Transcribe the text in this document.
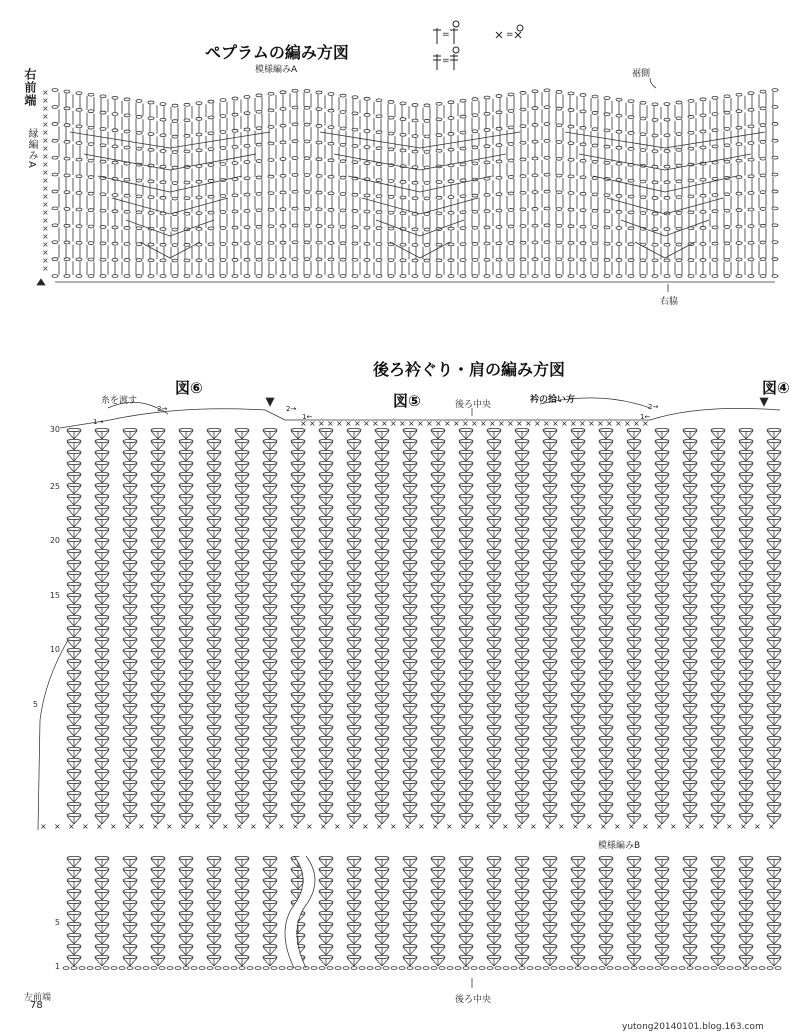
ペプラムの編み方図
模様編みA
=	=
=
裾側
右前端
縁編みA
右脇
×
×
×
×
×
×
×
×
×
×
×
×
×
×
×
×
×
×
×
×
×
×
×
後ろ衿ぐり・肩の編み方図
図⑥
図⑤
図④
糸を渡す	後ろ中央	衿の拾い方
模様編みB
左前端	後ろ中央
1→
2→	2→
1←
2→
1←
30
25
20
15
10
5
5
1
× × × × × × × × × × × × × × × × × × × × × × × × × × × × × × × × × × × × × × ×
× × × × × × × × × × × × × × × × × × × × × × × × × × × × × × × × × × × × × × × × × × × × × × × × × × × × ×
78
yutong20140101.blog.163.com
